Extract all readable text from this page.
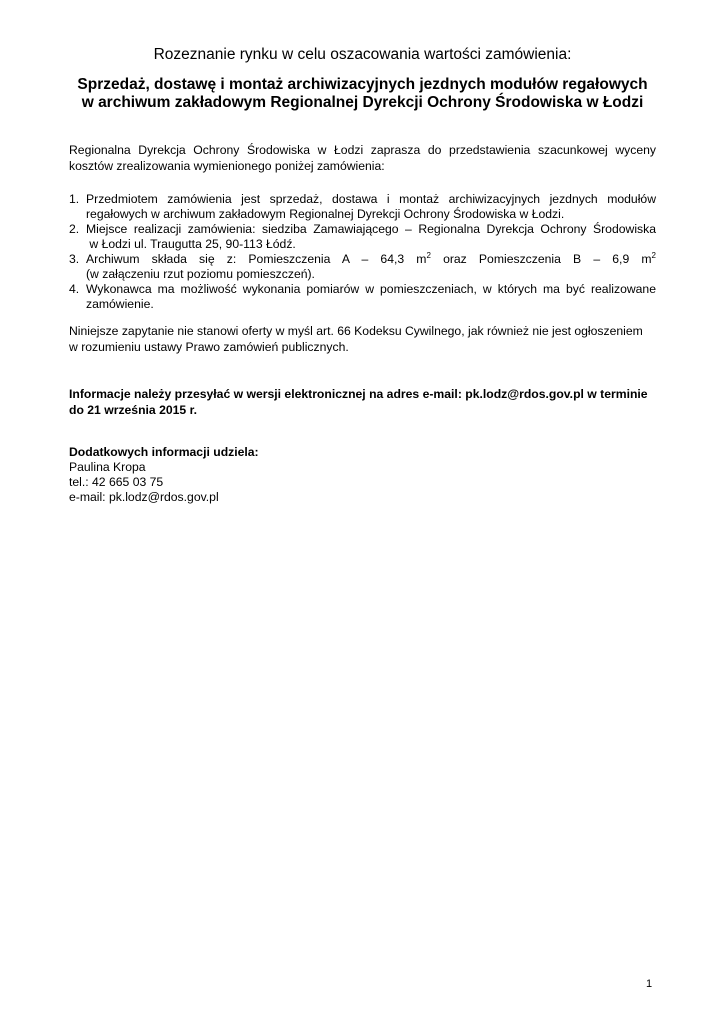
Rozeznanie rynku w celu oszacowania wartości zamówienia:
Sprzedaż, dostawę i montaż archiwizacyjnych jezdnych modułów regałowych
w archiwum zakładowym Regionalnej Dyrekcji Ochrony Środowiska w Łodzi
Regionalna Dyrekcja Ochrony Środowiska w Łodzi zaprasza do przedstawienia szacunkowej wyceny kosztów zrealizowania wymienionego poniżej zamówienia:
1. Przedmiotem zamówienia jest sprzedaż, dostawa i montaż archiwizacyjnych jezdnych modułów
regałowych w archiwum zakładowym Regionalnej Dyrekcji Ochrony Środowiska w Łodzi.
2. Miejsce realizacji zamówienia: siedziba Zamawiającego – Regionalna Dyrekcja Ochrony Środowiska
w Łodzi ul. Traugutta 25, 90-113 Łódź.
3. Archiwum składa się z: Pomieszczenia A – 64,3 $m^2$ oraz Pomieszczenia B – 6,9 $m^2$
(w załączeniu rzut poziomu pomieszczeń).
4. Wykonawca ma możliwość wykonania pomiarów w pomieszczeniach, w których ma być realizowane
zamówienie.
Niniejsze zapytanie nie stanowi oferty w myśl art. 66 Kodeksu Cywilnego, jak również nie jest ogłoszeniem
w rozumieniu ustawy Prawo zamówień publicznych.
Informacje należy przesyłać w wersji elektronicznej na adres e-mail: pk.lodz@rdos.gov.pl w terminie do 21 września 2015 r.
Dodatkowych informacji udziela:
Paulina Kropa
tel.: 42 665 03 75
e-mail: pk.lodz@rdos.gov.pl
1
